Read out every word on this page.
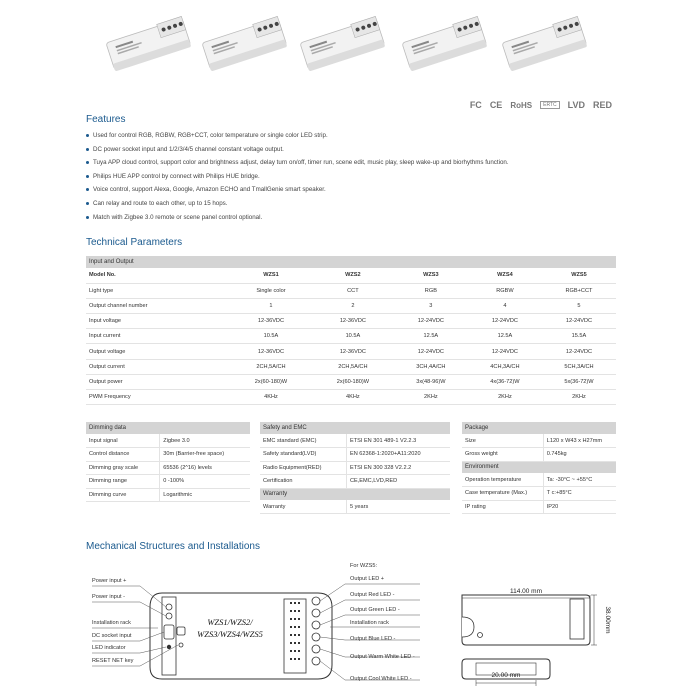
FC CE RoHS	ERTC	LVD RED
Features
Used for control RGB, RGBW, RGB+CCT, color temperature or single color LED strip.
DC power socket input and 1/2/3/4/5 channel constant voltage output.
Tuya APP cloud control, support color and brightness adjust, delay turn on/off, timer run, scene edit, music play, sleep wake-up and biorhythms function.
Philips HUE APP control by connect with Philips HUE bridge.
Voice control, support Alexa, Google, Amazon ECHO and TmallGenie smart speaker.
Can relay and route to each other, up to 15 hops.
Match with Zigbee 3.0 remote or scene panel control optional.
Technical Parameters
Input and Output					
Model No.	WZS1	WZS2	WZS3	WZS4	WZS5
Light type	Single color	CCT	RGB	RGBW	RGB+CCT
Output channel number	1	2	3	4	5
Input voltage	12-36VDC	12-36VDC	12-24VDC	12-24VDC	12-24VDC
Input current	10.5A	10.5A	12.5A	12.5A	15.5A
Output voltage	12-36VDC	12-36VDC	12-24VDC	12-24VDC	12-24VDC
Output current	2CH,5A/CH	2CH,5A/CH	3CH,4A/CH	4CH,3A/CH	5CH,3A/CH
Output power	2x(60-180)W	2x(60-180)W	3x(48-96)W	4x(36-72)W	5x(36-72)W
PWM Frequency	4KHz	4KHz	2KHz	2KHz	2KHz
Dimming data	
Input signal	Zigbee 3.0
Control distance	30m (Barrier-free space)
Dimming gray scale	65536 (2^16) levels
Dimming range	0 -100%
Dimming curve	Logarithmic
Safety and EMC	
EMC standard (EMC)	ETSI EN 301 489-1 V2.2.3
Safety standard(LVD)	EN 62368-1:2020+A11:2020
Radio Equipment(RED)	ETSI EN 300 328 V2.2.2
Certification	CE,EMC,LVD,RED
Warranty	
Warranty	5 years
Package	
Size	L120 x W43 x H27mm
Gross weight	0.745kg
Environment	
Operation temperature	Ta: -30°C ~ +55°C
Case temperature (Max.)	T c:+85°C
IP rating	IP20
Mechanical Structures and Installations
WZS1/WZS2/
WZS3/WZS4/WZS5
114.00 mm
38.00mm
20.00 mm
Power input +
Power input -
Installation rack
DC socket input
LED indicator
RESET NET key
For WZS5:
Output LED +
Output Red LED -
Output Green LED -
Installation rack
Output Blue LED -
Output Warm White LED -
Output Cool White LED -
